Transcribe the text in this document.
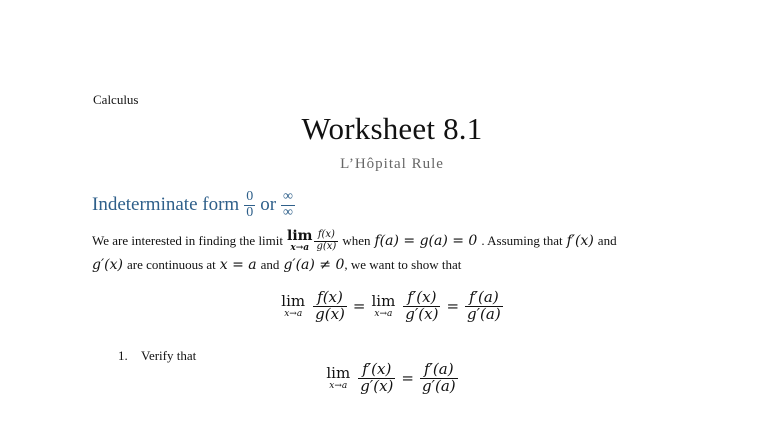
Calculus
Worksheet 8.1
L’Hôpital Rule
Indeterminate form $\frac{0}{0}$ or $\frac{\infty}{\infty}$
We are interested in finding the limit lim
$x\to a \frac{f(x)}{g(x)}$ when f(a) = g(a) = 0 . Assuming that f′(x) and
g′(x) are continuous at x = a and g′(a) ≠ 0 , we want to show that
lim
$x\to a \frac{f(x)}{g(x)} = \lim$
$x\to a \frac{f'(x)}{g'(x)} = \frac{f'(a)}{g'(a)}$
1. Verify that
lim
$x\to a \frac{f'(x)}{g'(x)} = \frac{f'(a)}{g'(a)}$
